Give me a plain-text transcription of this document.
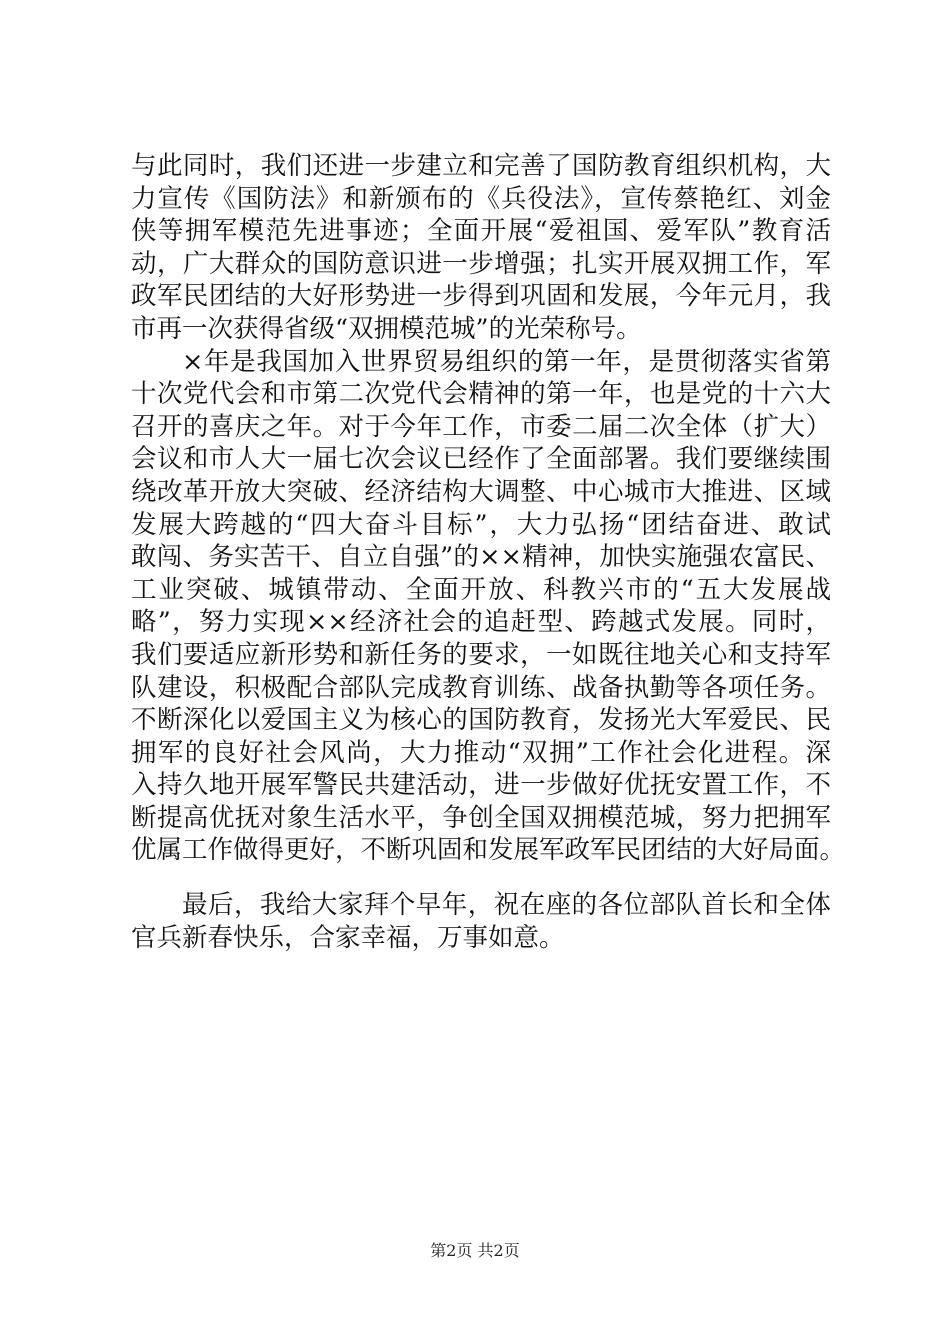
与此同时，我们还进一步建立和完善了国防教育组织机构，大
力宣传《国防法》和新颁布的《兵役法》，宣传蔡艳红、刘金
侠等拥军模范先进事迹；全面开展“爱祖国、爱军队”教育活
动，广大群众的国防意识进一步增强；扎实开展双拥工作，军
政军民团结的大好形势进一步得到巩固和发展，今年元月，我
市再一次获得省级“双拥模范城”的光荣称号。
×年是我国加入世界贸易组织的第一年，是贯彻落实省第
十次党代会和市第二次党代会精神的第一年，也是党的十六大
召开的喜庆之年。对于今年工作，市委二届二次全体（扩大）
会议和市人大一届七次会议已经作了全面部署。我们要继续围
绕改革开放大突破、经济结构大调整、中心城市大推进、区域
发展大跨越的“四大奋斗目标”，大力弘扬“团结奋进、敢试
敢闯、务实苦干、自立自强”的××精神，加快实施强农富民、
工业突破、城镇带动、全面开放、科教兴市的“五大发展战
略”，努力实现××经济社会的追赶型、跨越式发展。同时，
我们要适应新形势和新任务的要求，一如既往地关心和支持军
队建设，积极配合部队完成教育训练、战备执勤等各项任务。
不断深化以爱国主义为核心的国防教育，发扬光大军爱民、民
拥军的良好社会风尚，大力推动“双拥”工作社会化进程。深
入持久地开展军警民共建活动，进一步做好优抚安置工作，不
断提高优抚对象生活水平，争创全国双拥模范城，努力把拥军
优属工作做得更好，不断巩固和发展军政军民团结的大好局面。
最后，我给大家拜个早年，祝在座的各位部队首长和全体
官兵新春快乐，合家幸福，万事如意。
第2页 共2页
